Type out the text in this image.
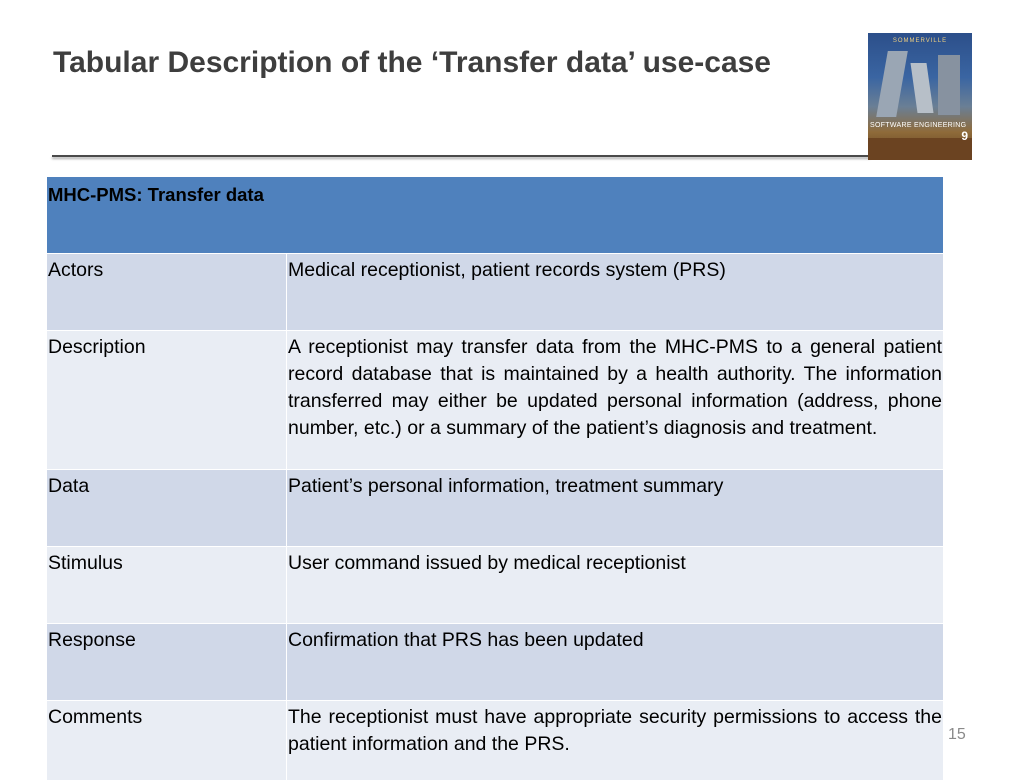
Tabular Description of the ‘Transfer data’ use-case
SOMMERVILLE
SOFTWARE ENGINEERING
9
MHC-PMS: Transfer data	
Actors	Medical receptionist, patient records system (PRS)
Description	A receptionist may transfer data from the MHC-PMS to a general patient record database that is maintained by a health authority. The information transferred may either be updated personal information (address, phone number, etc.) or a summary of the patient’s diagnosis and treatment.
Data	Patient’s personal information, treatment summary
Stimulus	User command issued by medical receptionist
Response	Confirmation that PRS has been updated
Comments	The receptionist must have appropriate security permissions to access the patient information and the PRS.	15
